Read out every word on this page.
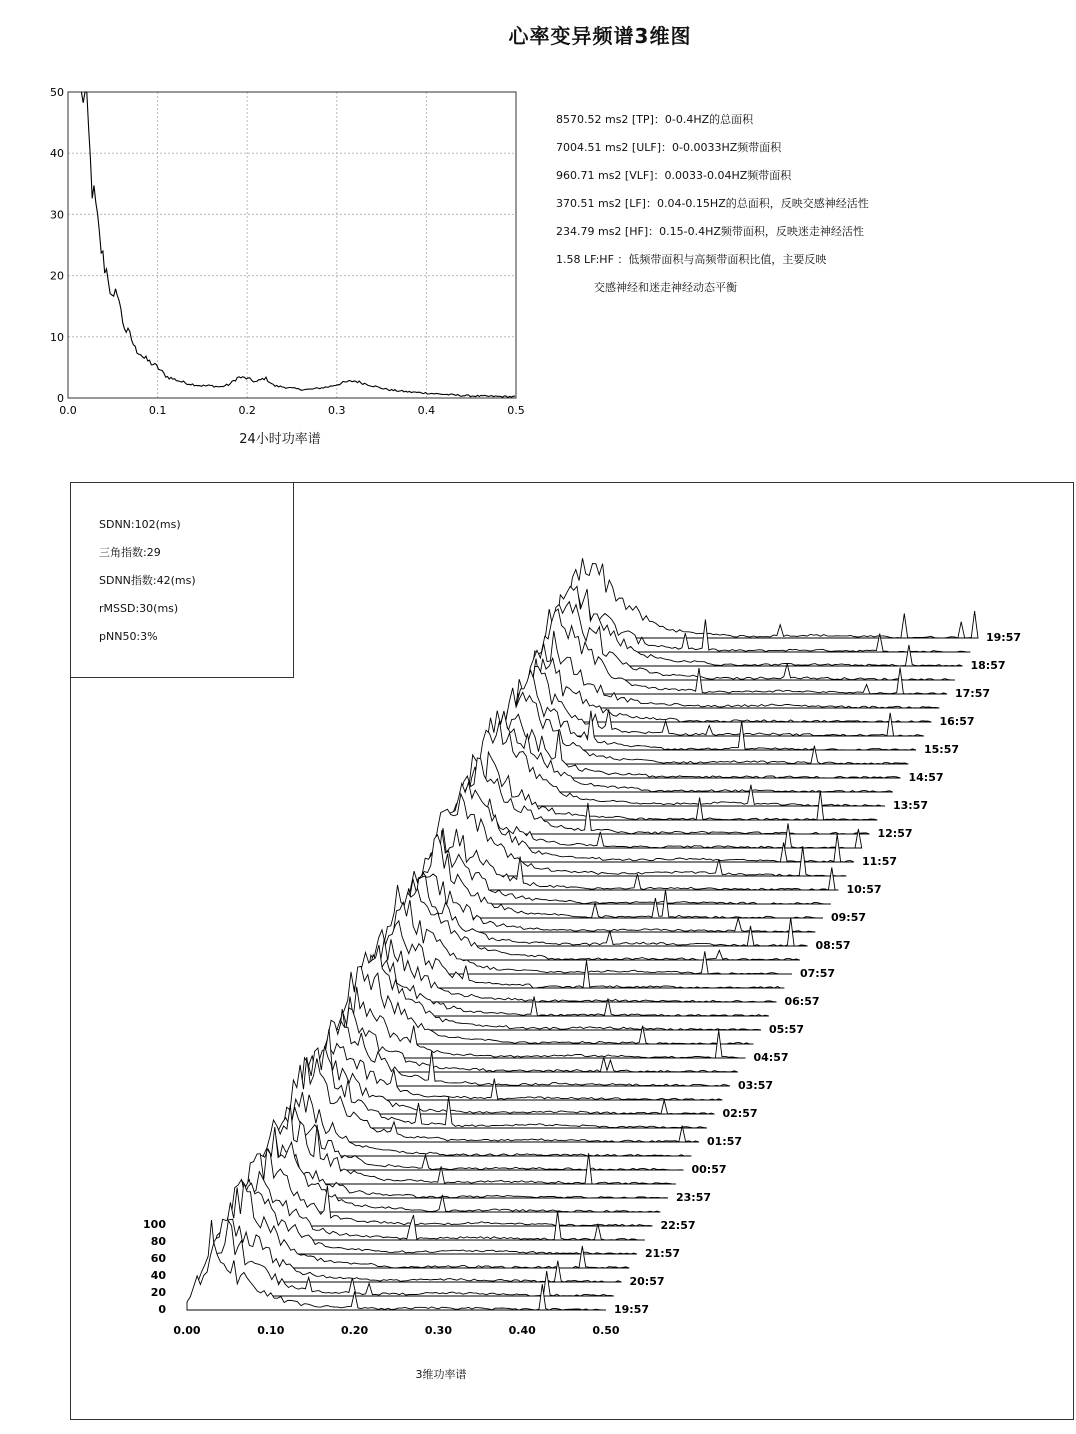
心率变异频谱3维图
0.0	0.1	0.2	0.3	0.4	0.5
0
10
20
30
40
50
24小时功率谱
8570.52 ms2 [TP]：0-0.4HZ的总面积
7004.51 ms2 [ULF]：0-0.0033HZ频带面积
960.71 ms2 [VLF]：0.0033-0.04HZ频带面积
370.51 ms2 [LF]：0.04-0.15HZ的总面积，反映交感神经活性
234.79 ms2 [HF]：0.15-0.4HZ频带面积，反映迷走神经活性
1.58 LF:HF ：低频带面积与高频带面积比值，主要反映
交感神经和迷走神经动态平衡
19:57
20:57
21:57
22:57
23:57
00:57
01:57
02:57
03:57
04:57
05:57
06:57
07:57
08:57
09:57
10:57
11:57
12:57
13:57
14:57
15:57
16:57
17:57
18:57
19:57
0.00	0.10	0.20	0.30	0.40	0.50
0
20
40
60
80
100
SDNN:102(ms)
三角指数:29
SDNN指数:42(ms)
rMSSD:30(ms)
pNN50:3%
3维功率谱
